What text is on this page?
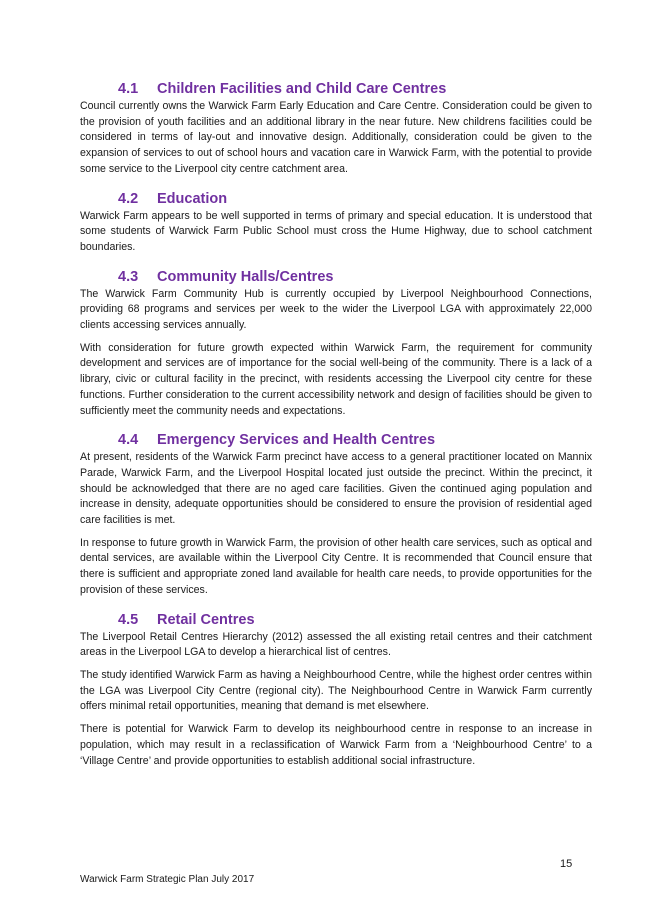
4.1 Children Facilities and Child Care Centres

Council currently owns the Warwick Farm Early Education and Care Centre. Consideration could be given to the provision of youth facilities and an additional library in the near future. New childrens facilities could be considered in terms of lay-out and innovative design. Additionally, consideration could be given to the expansion of services to out of school hours and vacation care in Warwick Farm, with the potential to provide some service to the Liverpool city centre catchment area.

4.2 Education

Warwick Farm appears to be well supported in terms of primary and special education. It is understood that some students of Warwick Farm Public School must cross the Hume Highway, due to school catchment boundaries.

4.3 Community Halls/Centres

The Warwick Farm Community Hub is currently occupied by Liverpool Neighbourhood Connections, providing 68 programs and services per week to the wider the Liverpool LGA with approximately 22,000 clients accessing services annually.

With consideration for future growth expected within Warwick Farm, the requirement for community development and services are of importance for the social well-being of the community. There is a lack of a library, civic or cultural facility in the precinct, with residents accessing the Liverpool city centre for these functions. Further consideration to the current accessibility network and design of facilities should be given to sufficiently meet the community needs and expectations.

4.4 Emergency Services and Health Centres

At present, residents of the Warwick Farm precinct have access to a general practitioner located on Mannix Parade, Warwick Farm, and the Liverpool Hospital located just outside the precinct. Within the precinct, it should be acknowledged that there are no aged care facilities. Given the continued aging population and increase in density, adequate opportunities should be considered to ensure the provision of residential aged care facilities is met.

In response to future growth in Warwick Farm, the provision of other health care services, such as optical and dental services, are available within the Liverpool City Centre. It is recommended that Council ensure that there is sufficient and appropriate zoned land available for health care needs, to provide opportunities for the provision of these services.

4.5 Retail Centres

The Liverpool Retail Centres Hierarchy (2012) assessed the all existing retail centres and their catchment areas in the Liverpool LGA to develop a hierarchical list of centres.

The study identified Warwick Farm as having a Neighbourhood Centre, while the highest order centres within the LGA was Liverpool City Centre (regional city). The Neighbourhood Centre in Warwick Farm currently offers minimal retail opportunities, meaning that demand is met elsewhere.

There is potential for Warwick Farm to develop its neighbourhood centre in response to an increase in population, which may result in a reclassification of Warwick Farm from a ‘Neighbourhood Centre’ to a ‘Village Centre’ and provide opportunities to establish additional social infrastructure.

15
Warwick Farm Strategic Plan July 2017
